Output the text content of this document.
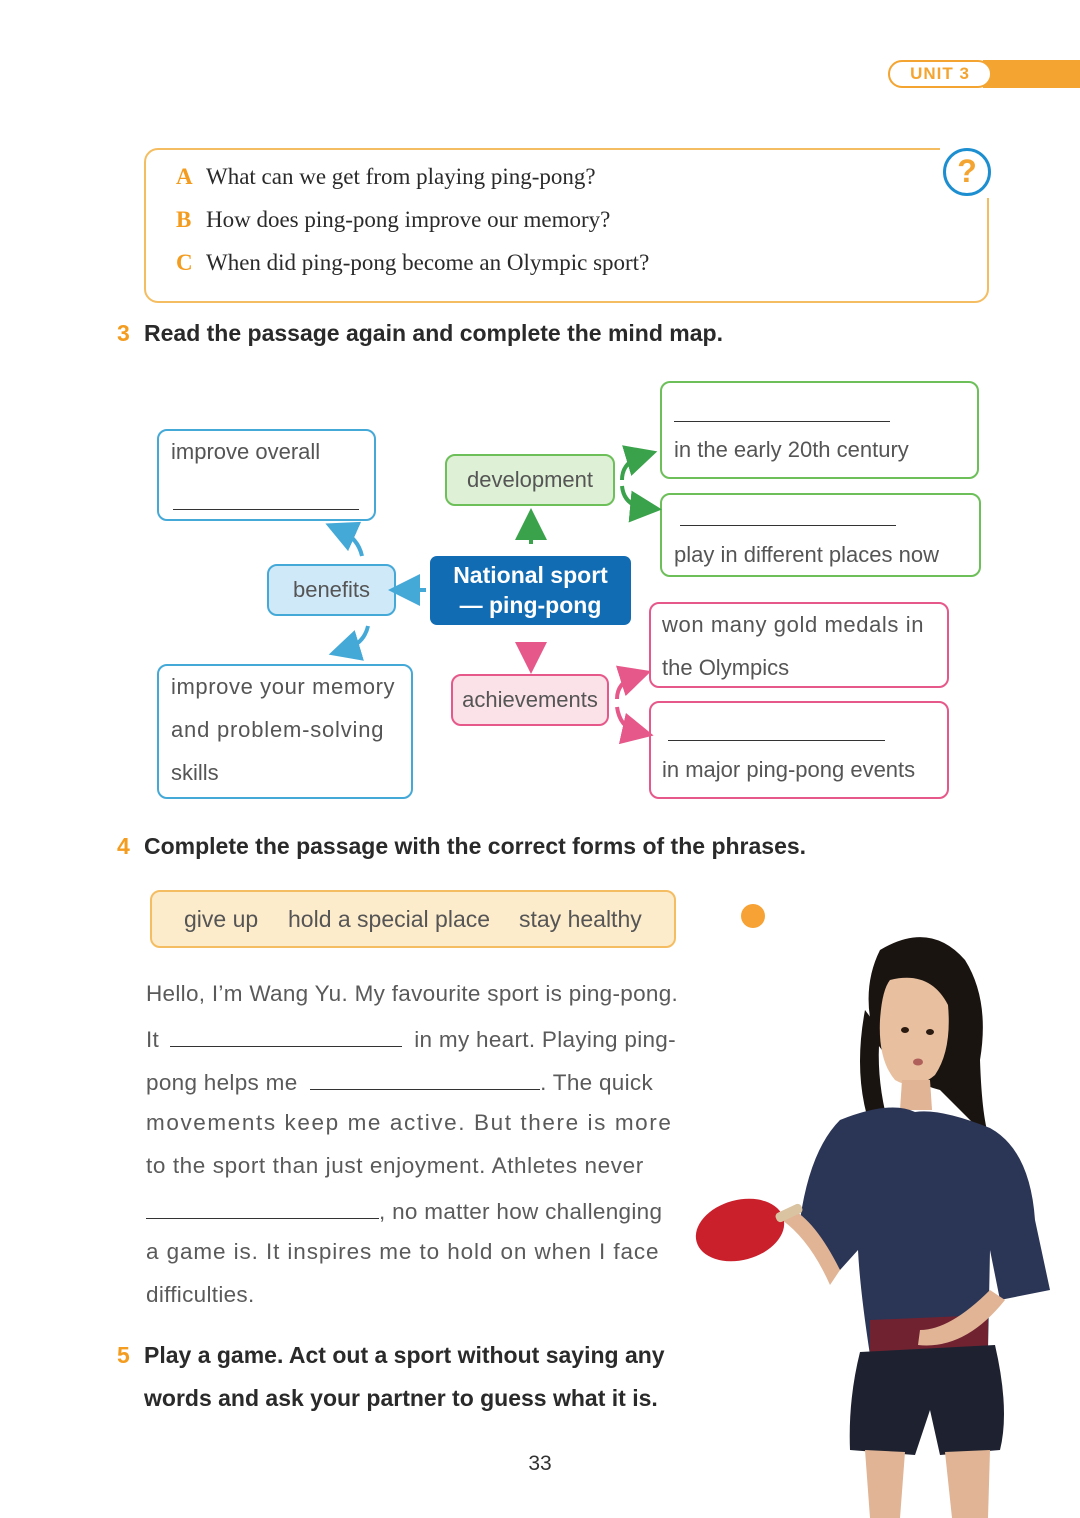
UNIT 3
?
A What can we get from playing ping-pong?
B How does ping-pong improve our memory?
C When did ping-pong become an Olympic sport?
3 Read the passage again and complete the mind map.
improve overall
benefits
improve your memory
and problem-solving
skills
development
National sport
— ping-pong
achievements
in the early 20th century
play in different places now
won many gold medals in
the Olympics
in major ping-pong events
4 Complete the passage with the correct forms of the phrases.
give up hold a special place stay healthy
Hello, I’m Wang Yu. My favourite sport is ping-pong.
It	in my heart. Playing ping-
pong helps me	. The quick
movements keep me active. But there is more
to the sport than just enjoyment. Athletes never
, no matter how challenging
a game is. It inspires me to hold on when I face
difficulties.
5 Play a game. Act out a sport without saying any
words and ask your partner to guess what it is.
33
